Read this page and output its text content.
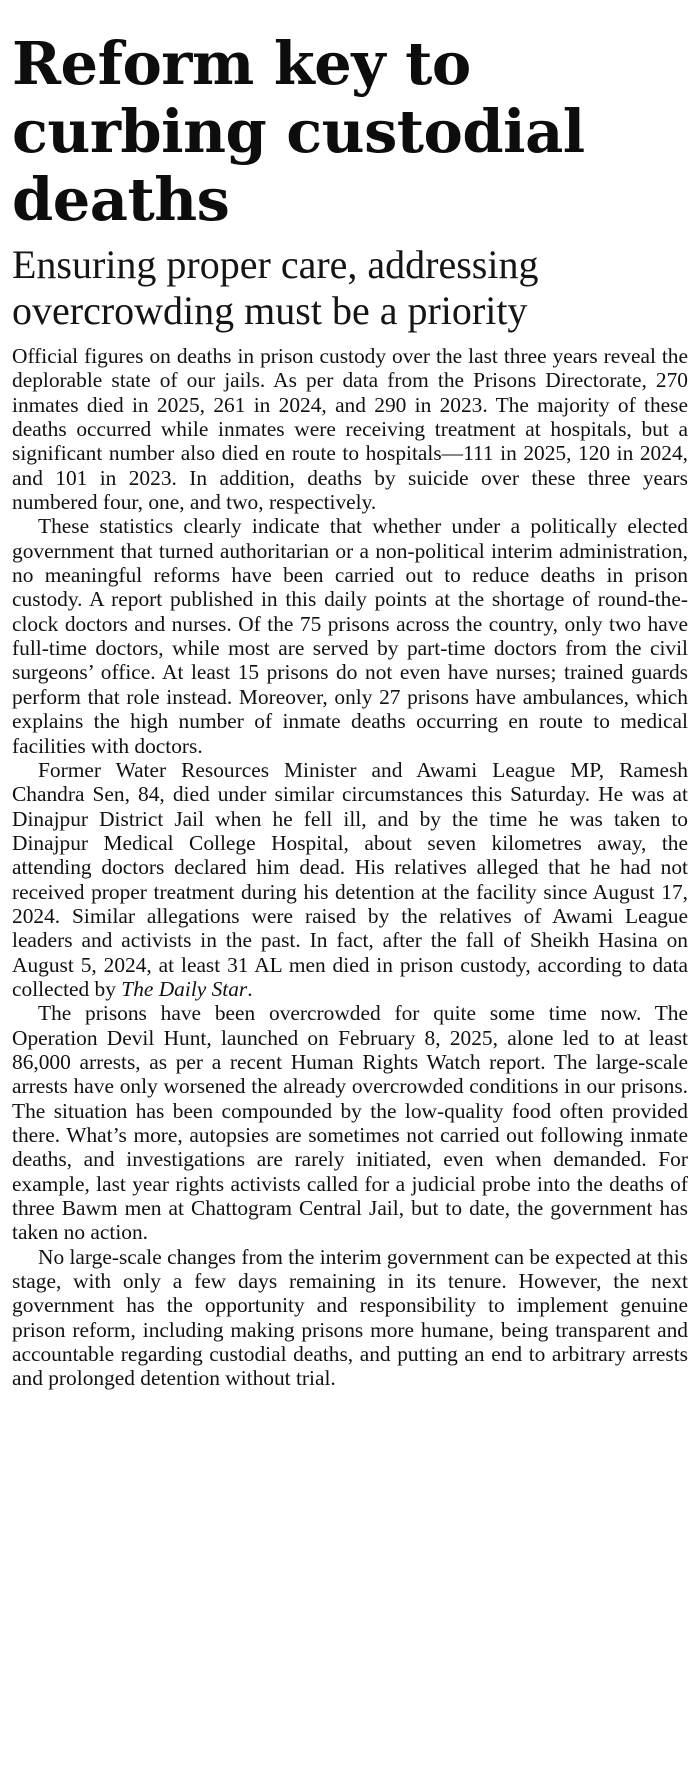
Reform key to curbing custodial deaths
Ensuring proper care, addressing overcrowding must be a priority

Official figures on deaths in prison custody over the last three years reveal the deplorable state of our jails. As per data from the Prisons Directorate, 270 inmates died in 2025, 261 in 2024, and 290 in 2023. The majority of these deaths occurred while inmates were receiving treatment at hospitals, but a significant number also died en route to hospitals—111 in 2025, 120 in 2024, and 101 in 2023. In addition, deaths by suicide over these three years numbered four, one, and two, respectively.

These statistics clearly indicate that whether under a politically elected government that turned authoritarian or a non-political interim administration, no meaningful reforms have been carried out to reduce deaths in prison custody. A report published in this daily points at the shortage of round-the-clock doctors and nurses. Of the 75 prisons across the country, only two have full-time doctors, while most are served by part-time doctors from the civil surgeons’ office. At least 15 prisons do not even have nurses; trained guards perform that role instead. Moreover, only 27 prisons have ambulances, which explains the high number of inmate deaths occurring en route to medical facilities with doctors.

Former Water Resources Minister and Awami League MP, Ramesh Chandra Sen, 84, died under similar circumstances this Saturday. He was at Dinajpur District Jail when he fell ill, and by the time he was taken to Dinajpur Medical College Hospital, about seven kilometres away, the attending doctors declared him dead. His relatives alleged that he had not received proper treatment during his detention at the facility since August 17, 2024. Similar allegations were raised by the relatives of Awami League leaders and activists in the past. In fact, after the fall of Sheikh Hasina on August 5, 2024, at least 31 AL men died in prison custody, according to data collected by The Daily Star.

The prisons have been overcrowded for quite some time now. The Operation Devil Hunt, launched on February 8, 2025, alone led to at least 86,000 arrests, as per a recent Human Rights Watch report. The large-scale arrests have only worsened the already overcrowded conditions in our prisons. The situation has been compounded by the low-quality food often provided there. What’s more, autopsies are sometimes not carried out following inmate deaths, and investigations are rarely initiated, even when demanded. For example, last year rights activists called for a judicial probe into the deaths of three Bawm men at Chattogram Central Jail, but to date, the government has taken no action.

No large-scale changes from the interim government can be expected at this stage, with only a few days remaining in its tenure. However, the next government has the opportunity and responsibility to implement genuine prison reform, including making prisons more humane, being transparent and accountable regarding custodial deaths, and putting an end to arbitrary arrests and prolonged detention without trial.
